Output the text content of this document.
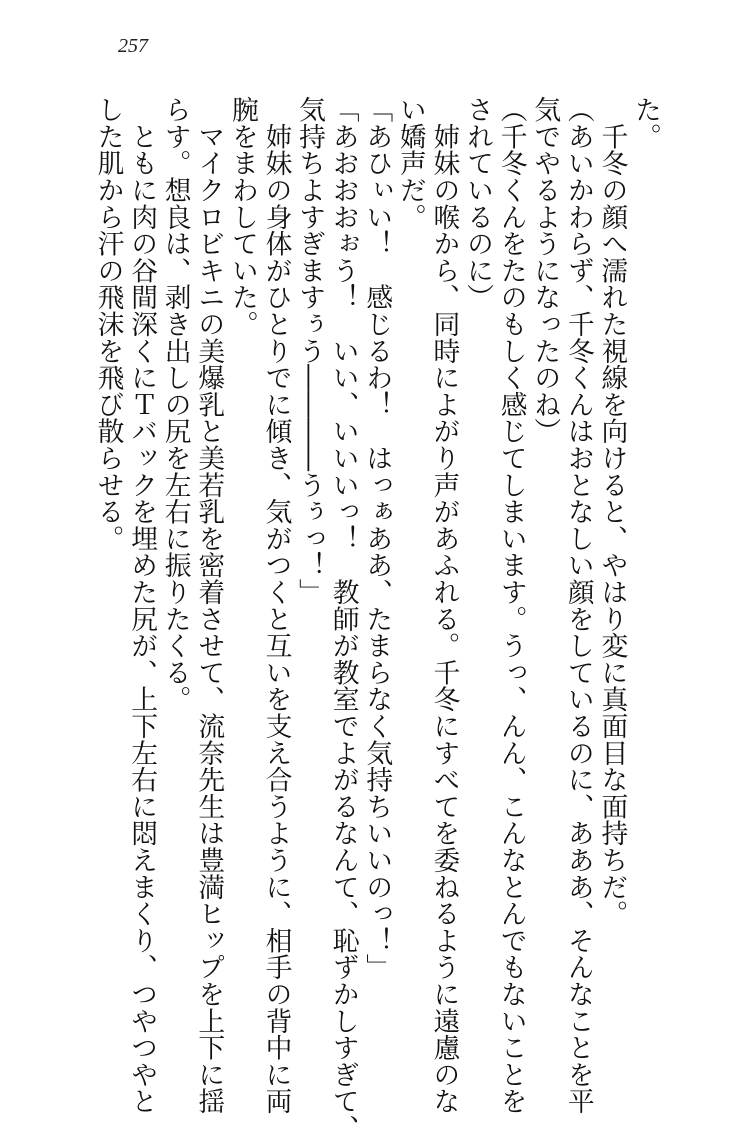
257
た。
　千冬の顔へ濡れた視線を向けると、やはり変に真面目な面持ちだ。
（あいかわらず、千冬くんはおとなしい顔をしているのに、あああ、そんなことを平
気でやるようになったのね）
（千冬くんをたのもしく感じてしまいます。うっ、んん、こんなとんでもないことを
されているのに）
　姉妹の喉から、同時によがり声があふれる。千冬にすべてを委ねるように遠慮のな
い嬌声だ。
「あひぃい！　感じるわ！　はっぁああ、たまらなく気持ちいいのっ！」
「あおおおぉう！　いい、いいいっ！　教師が教室でよがるなんて、恥ずかしすぎて、
気持ちよすぎますぅう――――うぅっ！」
　姉妹の身体がひとりでに傾き、気がつくと互いを支え合うように、相手の背中に両
腕をまわしていた。
　マイクロビキニの美爆乳と美若乳を密着させて、流奈先生は豊満ヒップを上下に揺
らす。想良は、剥き出しの尻を左右に振りたくる。
　ともに肉の谷間深くにＴバックを埋めた尻が、上下左右に悶えまくり、つやつやと
した肌から汗の飛沫を飛び散らせる。
